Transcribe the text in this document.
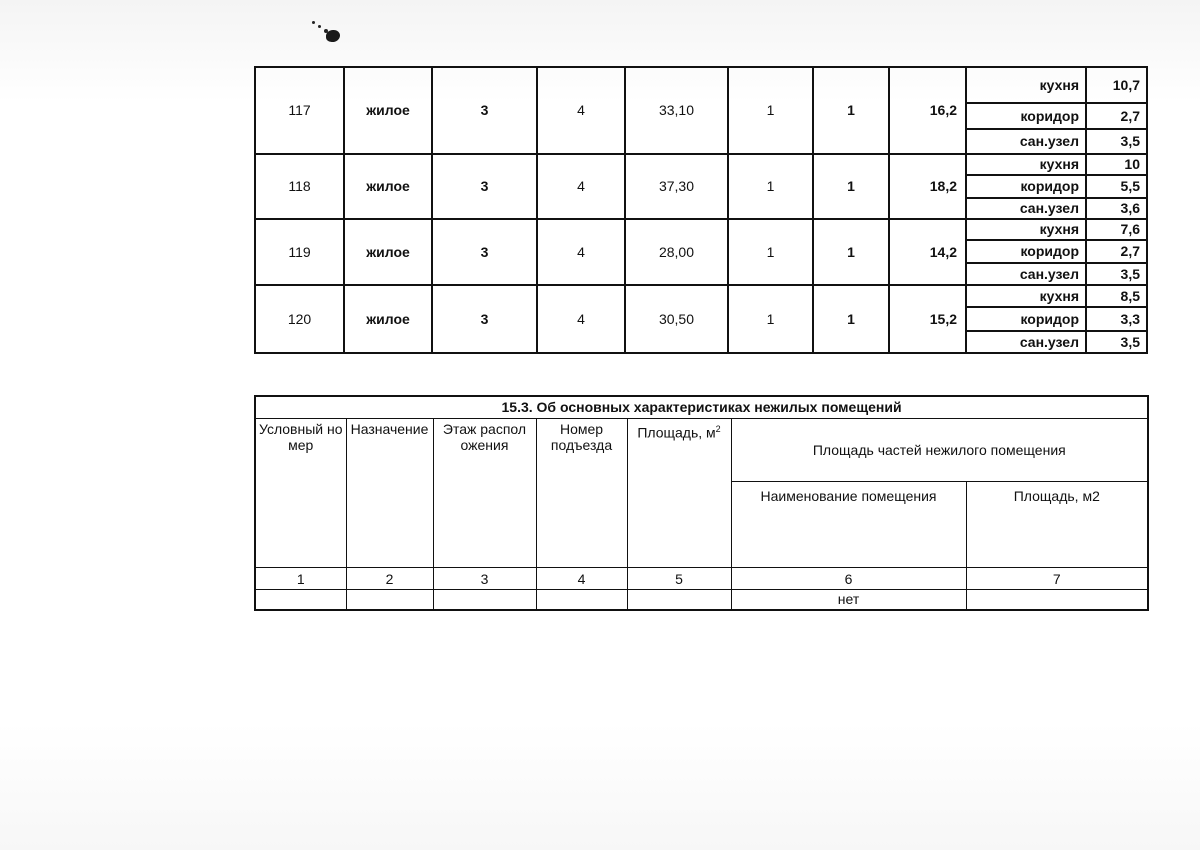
117	жилое	3	4	33,10	1	1	16,2	кухня	10,7
								коридор	2,7
								сан.узел	3,5
118	жилое	3	4	37,30	1	1	18,2	кухня	10
								коридор	5,5
								сан.узел	3,6
119	жилое	3	4	28,00	1	1	14,2	кухня	7,6
								коридор	2,7
								сан.узел	3,5
120	жилое	3	4	30,50	1	1	15,2	кухня	8,5
								коридор	3,3
								сан.узел	3,5
15.3. Об основных характеристиках нежилых помещений						
Условный номер	Назначение	Этаж расположения	Номер подъезда	Площадь, $м^2$	Площадь частей нежилого помещения	
					Наименование помещения	Площадь, м2
1	2	3	4	5	6	7
					нет	
